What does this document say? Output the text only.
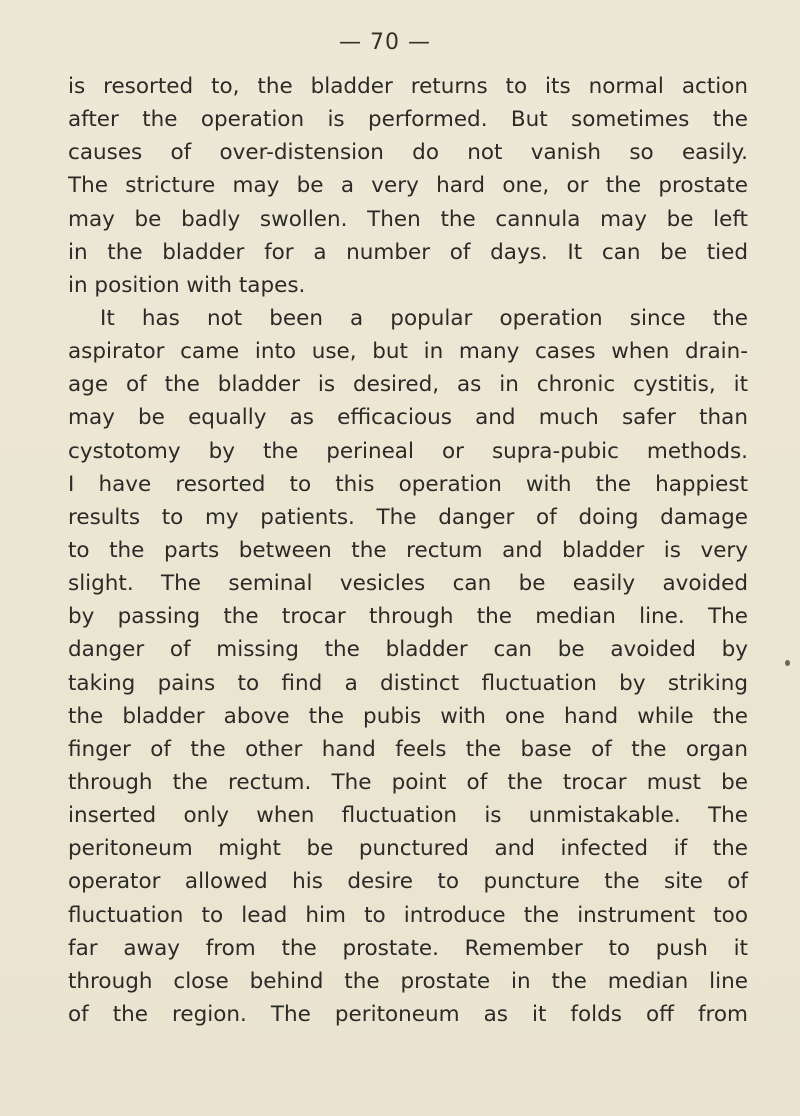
— 70 —
is resorted to, the bladder returns to its normal action
after the operation is performed. But sometimes the
causes of over-distension do not vanish so easily.
The stricture may be a very hard one, or the prostate
may be badly swollen. Then the cannula may be left
in the bladder for a number of days. It can be tied
in position with tapes.
It has not been a popular operation since the
aspirator came into use, but in many cases when drain-
age of the bladder is desired, as in chronic cystitis, it
may be equally as efficacious and much safer than
cystotomy by the perineal or supra-pubic methods.
I have resorted to this operation with the happiest
results to my patients. The danger of doing damage
to the parts between the rectum and bladder is very
slight. The seminal vesicles can be easily avoided
by passing the trocar through the median line. The
danger of missing the bladder can be avoided by
taking pains to find a distinct fluctuation by striking
the bladder above the pubis with one hand while the
finger of the other hand feels the base of the organ
through the rectum. The point of the trocar must be
inserted only when fluctuation is unmistakable. The
peritoneum might be punctured and infected if the
operator allowed his desire to puncture the site of
fluctuation to lead him to introduce the instrument too
far away from the prostate. Remember to push it
through close behind the prostate in the median line
of the region. The peritoneum as it folds off from
